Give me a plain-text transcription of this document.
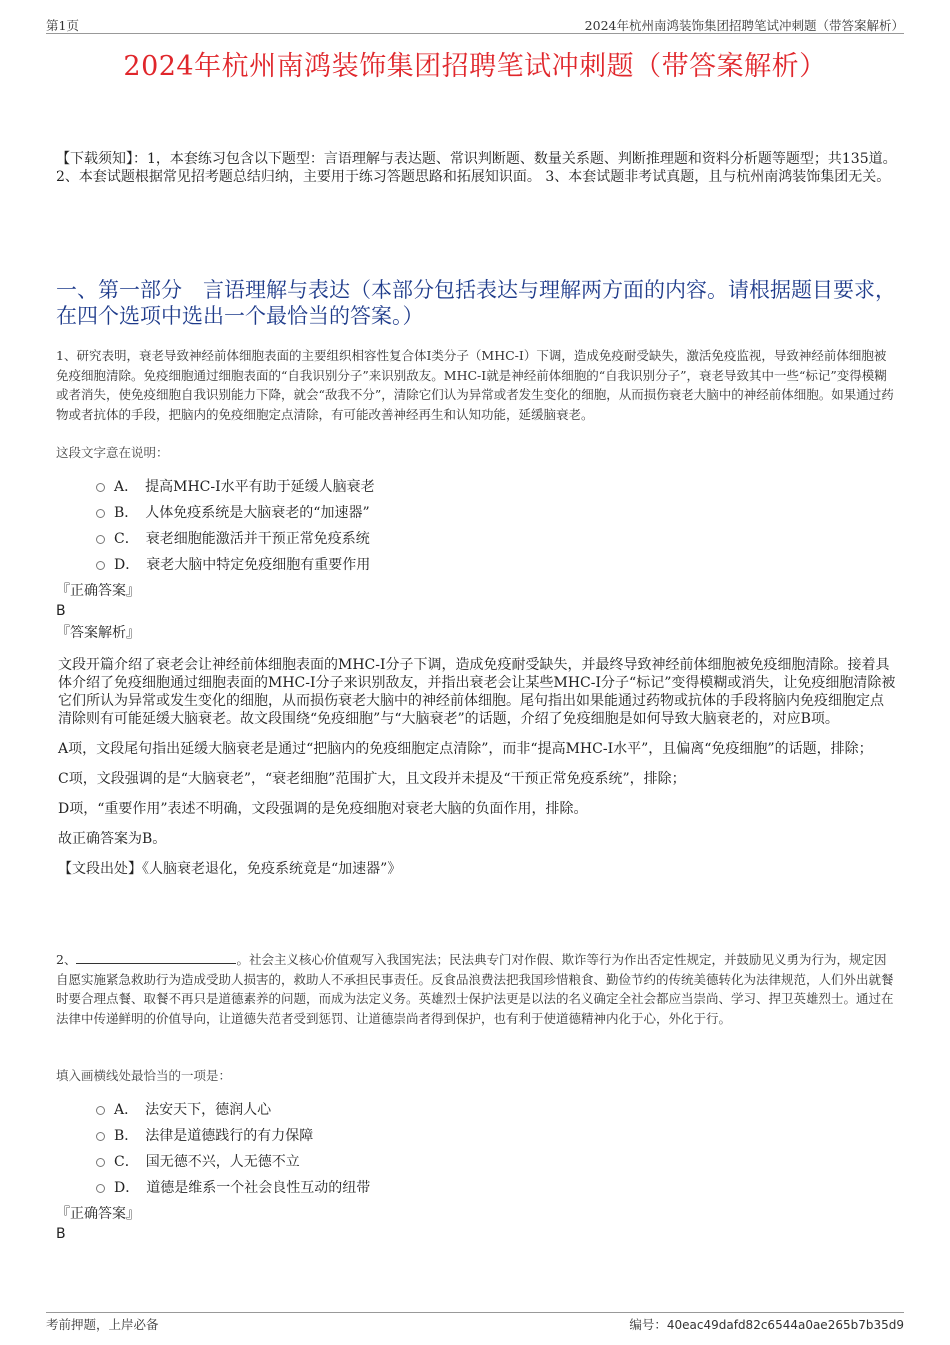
第1页	2024年杭州南鸿装饰集团招聘笔试冲刺题（带答案解析）
2024年杭州南鸿装饰集团招聘笔试冲刺题（带答案解析）
【下载须知】：1，本套练习包含以下题型：言语理解与表达题、常识判断题、数量关系题、判断推理题和资料分析题等题型；共135道。 2、本套试题根据常见招考题总结归纳，主要用于练习答题思路和拓展知识面。 3、本套试题非考试真题，且与杭州南鸿装饰集团无关。
一、第一部分　言语理解与表达（本部分包括表达与理解两方面的内容。请根据题目要求，在四个选项中选出一个最恰当的答案。）
1、研究表明，衰老导致神经前体细胞表面的主要组织相容性复合体I类分子（MHC-I）下调，造成免疫耐受缺失，激活免疫监视，导致神经前体细胞被免疫细胞清除。免疫细胞通过细胞表面的“自我识别分子”来识别敌友。MHC-I就是神经前体细胞的“自我识别分子”，衰老导致其中一些“标记”变得模糊或者消失，使免疫细胞自我识别能力下降，就会“敌我不分”，清除它们认为异常或者发生变化的细胞，从而损伤衰老大脑中的神经前体细胞。如果通过药物或者抗体的手段，把脑内的免疫细胞定点清除，有可能改善神经再生和认知功能，延缓脑衰老。
这段文字意在说明：
A． 提高MHC-I水平有助于延缓人脑衰老
B． 人体免疫系统是大脑衰老的“加速器”
C． 衰老细胞能激活并干预正常免疫系统
D． 衰老大脑中特定免疫细胞有重要作用
『正确答案』
B
『答案解析』

文段开篇介绍了衰老会让神经前体细胞表面的MHC-I分子下调，造成免疫耐受缺失，并最终导致神经前体细胞被免疫细胞清除。接着具体介绍了免疫细胞通过细胞表面的MHC-I分子来识别敌友，并指出衰老会让某些MHC-I分子“标记”变得模糊或消失，让免疫细胞清除被它们所认为异常或发生变化的细胞，从而损伤衰老大脑中的神经前体细胞。尾句指出如果能通过药物或抗体的手段将脑内免疫细胞定点清除则有可能延缓大脑衰老。故文段围绕“免疫细胞”与“大脑衰老”的话题，介绍了免疫细胞是如何导致大脑衰老的，对应B项。

A项，文段尾句指出延缓大脑衰老是通过“把脑内的免疫细胞定点清除”，而非“提高MHC-I水平”，且偏离“免疫细胞”的话题，排除；

C项，文段强调的是“大脑衰老”，“衰老细胞”范围扩大，且文段并未提及“干预正常免疫系统”，排除；

D项，“重要作用”表述不明确，文段强调的是免疫细胞对衰老大脑的负面作用，排除。

故正确答案为B。

【文段出处】《人脑衰老退化，免疫系统竟是“加速器”》

2、	。社会主义核心价值观写入我国宪法；民法典专门对作假、欺诈等行为作出否定性规定，并鼓励见义勇为行为，规定因自愿实施紧急救助行为造成受助人损害的，救助人不承担民事责任。反食品浪费法把我国珍惜粮食、勤俭节约的传统美德转化为法律规范，人们外出就餐时要合理点餐、取餐不再只是道德素养的问题，而成为法定义务。英雄烈士保护法更是以法的名义确定全社会都应当崇尚、学习、捍卫英雄烈士。通过在法律中传递鲜明的价值导向，让道德失范者受到惩罚、让道德崇尚者得到保护，也有利于使道德精神内化于心，外化于行。
填入画横线处最恰当的一项是：
A． 法安天下，德润人心
B． 法律是道德践行的有力保障
C． 国无德不兴，人无德不立
D． 道德是维系一个社会良性互动的纽带
『正确答案』
B
考前押题，上岸必备	编号：40eac49dafd82c6544a0ae265b7b35d9
